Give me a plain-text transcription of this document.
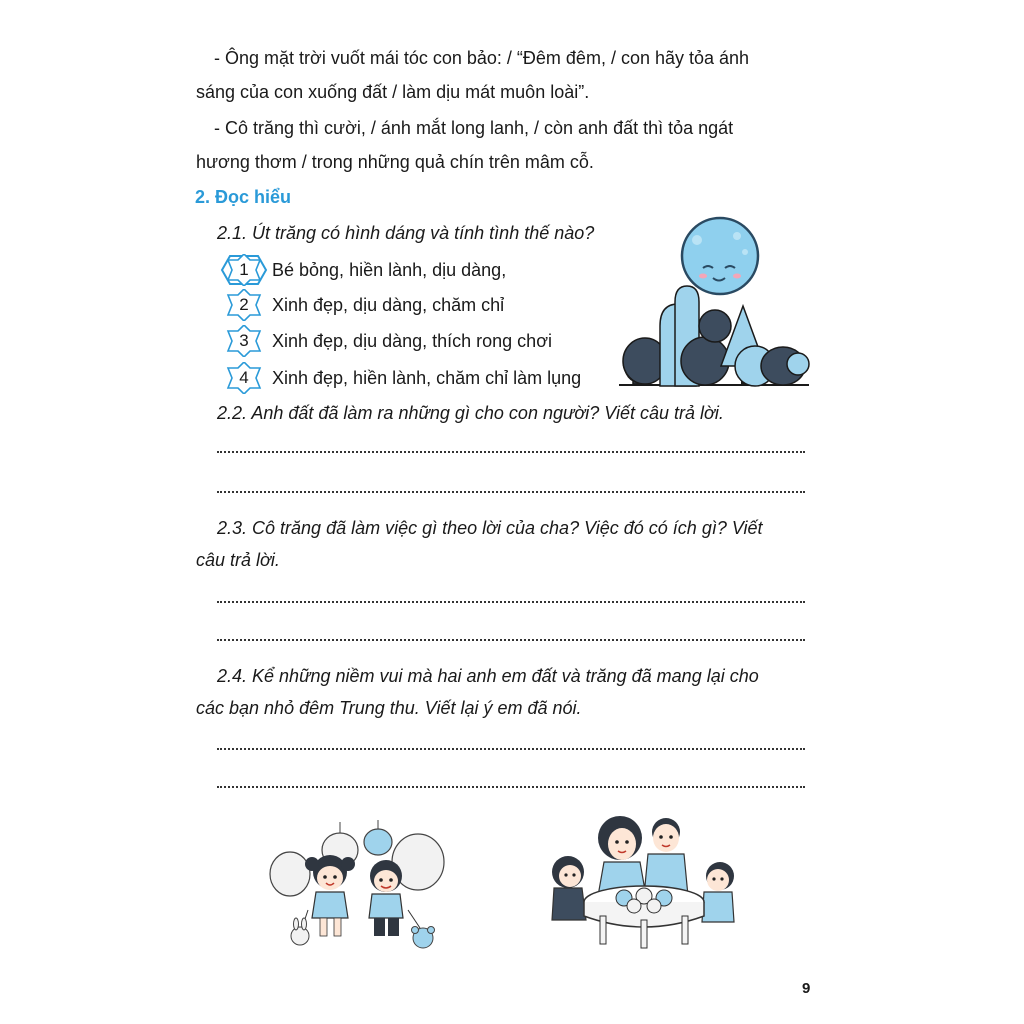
- Ông mặt trời vuốt mái tóc con bảo: / “Đêm đêm, / con hãy tỏa ánh
sáng của con xuống đất / làm dịu mát muôn loài”.
- Cô trăng thì cười, / ánh mắt long lanh, / còn anh đất thì tỏa ngát
hương thơm / trong những quả chín trên mâm cỗ.
2. Đọc hiểu
2.1. Út trăng có hình dáng và tính tình thế nào?
1	Bé bỏng, hiền lành, dịu dàng,
2	Xinh đẹp, dịu dàng, chăm chỉ
3	Xinh đẹp, dịu dàng, thích rong chơi
4	Xinh đẹp, hiền lành, chăm chỉ làm lụng
2.2. Anh đất đã làm ra những gì cho con người? Viết câu trả lời.
2.3. Cô trăng đã làm việc gì theo lời của cha? Việc đó có ích gì? Viết
câu trả lời.
2.4. Kể những niềm vui mà hai anh em đất và trăng đã mang lại cho
các bạn nhỏ đêm Trung thu. Viết lại ý em đã nói.
9
